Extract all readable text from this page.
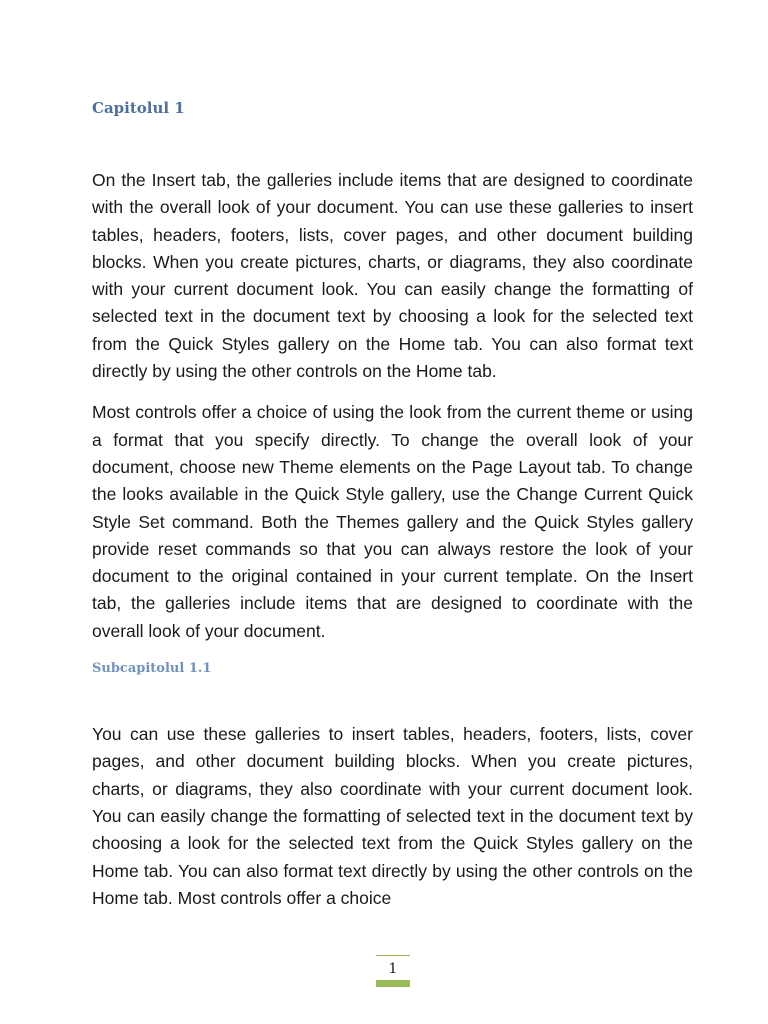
Capitolul 1

On the Insert tab, the galleries include items that are designed to coordinate with the overall look of your document. You can use these galleries to insert tables, headers, footers, lists, cover pages, and other document building blocks. When you create pictures, charts, or diagrams, they also coordinate with your current document look. You can easily change the formatting of selected text in the document text by choosing a look for the selected text from the Quick Styles gallery on the Home tab. You can also format text directly by using the other controls on the Home tab.

Most controls offer a choice of using the look from the current theme or using a format that you specify directly. To change the overall look of your document, choose new Theme elements on the Page Layout tab. To change the looks available in the Quick Style gallery, use the Change Current Quick Style Set command. Both the Themes gallery and the Quick Styles gallery provide reset commands so that you can always restore the look of your document to the original contained in your current template. On the Insert tab, the galleries include items that are designed to coordinate with the overall look of your document.

Subcapitolul 1.1

You can use these galleries to insert tables, headers, footers, lists, cover pages, and other document building blocks. When you create pictures, charts, or diagrams, they also coordinate with your current document look. You can easily change the formatting of selected text in the document text by choosing a look for the selected text from the Quick Styles gallery on the Home tab. You can also format text directly by using the other controls on the Home tab. Most controls offer a choice

1
